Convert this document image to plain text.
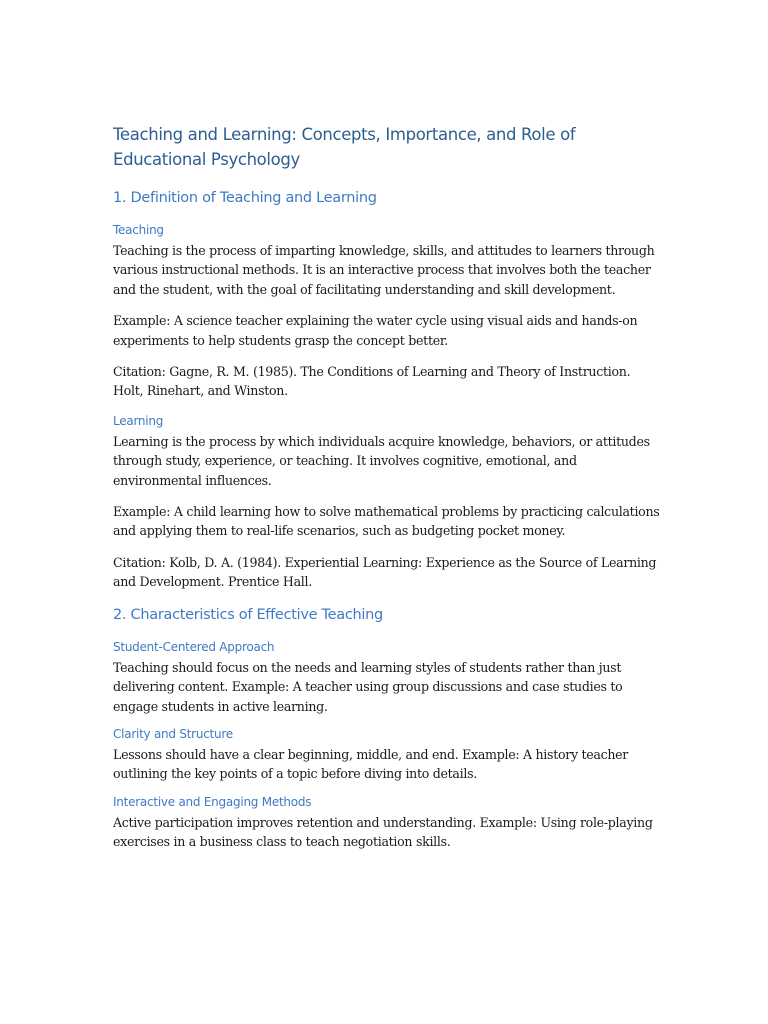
Teaching and Learning: Concepts, Importance, and Role of Educational Psychology
1. Definition of Teaching and Learning
Teaching
Teaching is the process of imparting knowledge, skills, and attitudes to learners through various instructional methods. It is an interactive process that involves both the teacher and the student, with the goal of facilitating understanding and skill development.
Example: A science teacher explaining the water cycle using visual aids and hands-on experiments to help students grasp the concept better.
Citation: Gagne, R. M. (1985). The Conditions of Learning and Theory of Instruction. Holt, Rinehart, and Winston.
Learning
Learning is the process by which individuals acquire knowledge, behaviors, or attitudes through study, experience, or teaching. It involves cognitive, emotional, and environmental influences.
Example: A child learning how to solve mathematical problems by practicing calculations and applying them to real-life scenarios, such as budgeting pocket money.
Citation: Kolb, D. A. (1984). Experiential Learning: Experience as the Source of Learning and Development. Prentice Hall.
2. Characteristics of Effective Teaching
Student-Centered Approach
Teaching should focus on the needs and learning styles of students rather than just delivering content. Example: A teacher using group discussions and case studies to engage students in active learning.
Clarity and Structure
Lessons should have a clear beginning, middle, and end. Example: A history teacher outlining the key points of a topic before diving into details.
Interactive and Engaging Methods
Active participation improves retention and understanding. Example: Using role-playing exercises in a business class to teach negotiation skills.
